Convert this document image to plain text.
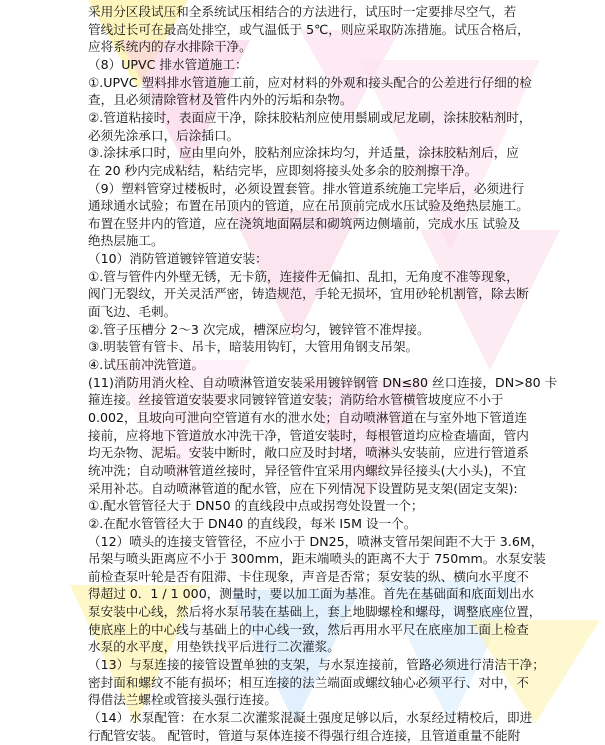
采用分区段试压和全系统试压相结合的方法进行，试压时一定要排尽空气，若
管线过长可在最高处排空，或气温低于 5℃，则应采取防冻措施。试压合格后，
应将系统内的存水排除干净。
（8）UPVC 排水管道施工：
①.UPVC 塑料排水管道施工前，应对材料的外观和接头配合的公差进行仔细的检
查，且必须清除管材及管件内外的污垢和杂物。
②.管道粘接时，表面应干净，除抹胶粘剂应使用鬃刷或尼龙刷，涂抹胶粘剂时，
必须先涂承口，后涂插口。
③.涂抹承口时，应由里向外，胶粘剂应涂抹均匀，并适量，涂抹胶粘剂后，应
在 20 秒内完成粘结，粘结完毕，应即刻将接头处多余的胶剂擦干净。
（9）塑料管穿过楼板时，必须设置套管。排水管道系统施工完毕后，必须进行
通球通水试验；布置在吊顶内的管道，应在吊顶前完成水压试验及绝热层施工。
布置在竖井内的管道，应在浇筑地面隔层和砌筑两边侧墙前，完成水压 试验及
绝热层施工。
（10）消防管道镀锌管道安装：
①.管与管件内外壁无锈，无卡筋，连接件无偏扣、乱扣，无角度不准等现象，
阀门无裂纹，开关灵活严密，铸造规范，手轮无损坏，宜用砂轮机割管，除去断
面飞边、毛刺。
②.管子压槽分 2～3 次完成，槽深应均匀，镀锌管不准焊接。
③.明装管有管卡、吊卡，暗装用钩钉，大管用角钢支吊架。
④.试压前冲洗管道。
(11)消防用消火栓、自动喷淋管道安装采用镀锌钢管 DN≤80 丝口连接，DN>80 卡
箍连接。丝接管道安装要求同镀锌管道安装；消防给水管横管坡度应不小于
0.002，且坡向可泄向空管道有水的泄水处；自动喷淋管道在与室外地下管道连
接前，应将地下管道放水冲洗干净，管道安装时，每根管道均应检查墙面，管内
均无杂物、泥垢。安装中断时，敞口应及时封堵，喷淋头安装前，应进行管道系
统冲洗；自动喷淋管道丝接时，异径管件宜采用内螺纹异径接头(大小头)，不宜
采用补芯。自动喷淋管道的配水管，应在下列情况下设置防晃支架(固定支架):
①.配水管管径大于 DN50 的直线段中点或拐弯处设置一个；
②.在配水管管径大于 DN40 的直线段，每米 I5M 设一个。
（12）喷头的连接支管管径，不应小于 DN25，喷淋支管吊架间距不大于 3.6M，
吊架与喷头距离应不小于 300mm，距末端喷头的距离不大于 750mm。水泵安装
前检查泵叶轮是否有阻滞、卡住现象，声音是否常；泵安装的纵、横向水平度不
得超过 0．1 / 1 000，测量时，要以加工面为基准。首先在基础面和底面划出水
泵安装中心线，然后将水泵吊装在基础上，套上地脚螺栓和螺母，调整底座位置，
使底座上的中心线与基础上的中心线一致，然后再用水平尺在底座加工面上检查
水泵的水平度，用垫铁找平后进行二次灌浆。
（13）与泵连接的接管设置单独的支架，与水泵连接前，管路必须进行清洁干净；
密封面和螺纹不能有损坏；相互连接的法兰端面或螺纹轴心必须平行、对中，不
得借法兰螺栓或管接头强行连接。
（14）水泵配管：在水泵二次灌浆混凝土强度足够以后，水泵经过精校后，即进
行配管安装。 配管时，管道与泵体连接不得强行组合连接，且管道重量不能附
